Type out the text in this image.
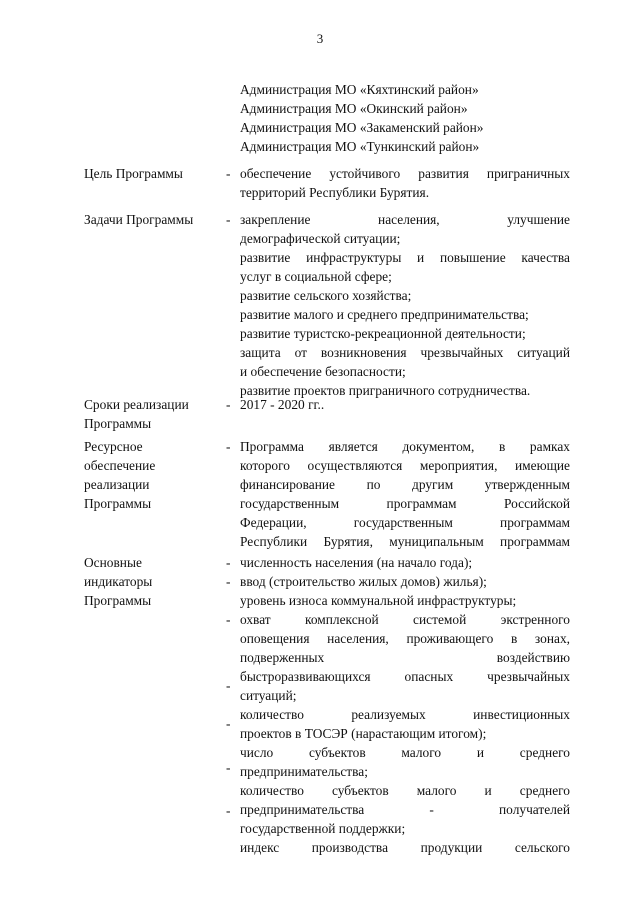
3
Администрация МО «Кяхтинский район»
Администрация МО «Окинский район»
Администрация МО «Закаменский район»
Администрация МО «Тункинский район»
Цель Программы	- обеспечение устойчивого развития приграничных
территорий Республики Бурятия.
Задачи Программы	- закрепление населения, улучшение
демографической ситуации;
развитие инфраструктуры и повышение качества
услуг в социальной сфере;
развитие сельского хозяйства;
развитие малого и среднего предпринимательства;
развитие туристско-рекреационной деятельности;
защита от возникновения чрезвычайных ситуаций
и обеспечение безопасности;
развитие проектов приграничного сотрудничества.
Сроки реализации
Программы
- 2017 - 2020 гг..
Ресурсное
обеспечение
реализации
Программы
- Программа является документом, в рамках
которого осуществляются мероприятия, имеющие
финансирование по другим утвержденным
государственным программам Российской
Федерации, государственным программам
Республики Бурятия, муниципальным программам
Основные
индикаторы
Программы
-
-
-
-
-
-
-
численность населения (на начало года);
ввод (строительство жилых домов) жилья);
уровень износа коммунальной инфраструктуры;
охват комплексной системой экстренного
оповещения населения, проживающего в зонах,
подверженных воздействию
быстроразвивающихся опасных чрезвычайных
ситуаций;
количество реализуемых инвестиционных
проектов в ТОСЭР (нарастающим итогом);
число субъектов малого и среднего
предпринимательства;
количество субъектов малого и среднего
предпринимательства - получателей
государственной поддержки;
индекс производства продукции сельского
